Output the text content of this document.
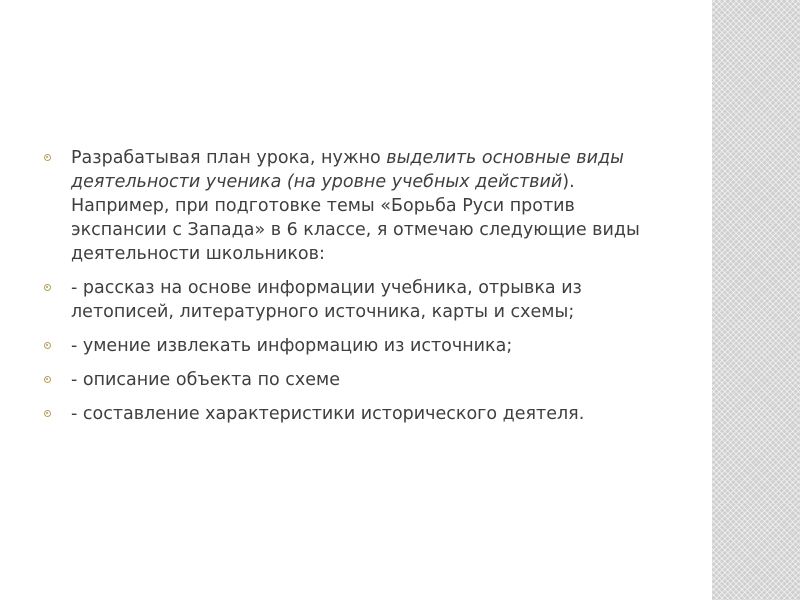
Разрабатывая план урока, нужно выделить основные виды деятельности ученика (на уровне учебных действий). Например, при подготовке темы «Борьба Руси против экспансии с Запада» в 6 классе, я отмечаю следующие виды деятельности школьников:
- рассказ на основе информации учебника, отрывка из летописей, литературного источника, карты и схемы;
- умение извлекать информацию из источника;
- описание объекта по схеме
- составление характеристики исторического деятеля.
